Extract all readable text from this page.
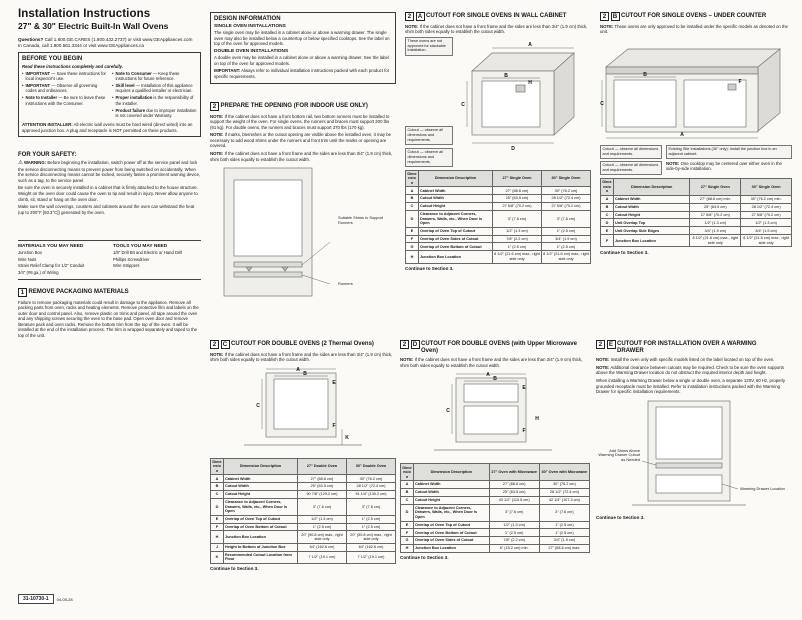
Installation Instructions
27" & 30" Electric Built-In Wall Ovens
Questions? Call 1.800.GE.CARES (1.800.432.2737) or visit www.GEAppliances.com
In Canada, call 1.800.561.3344 or visit www.GEAppliances.ca
BEFORE YOU BEGIN
Read these instructions completely and carefully.
• IMPORTANT — Save these instructions for local inspector's use.
• IMPORTANT — Observe all governing codes and ordinances.
• Note to Installer — Be sure to leave these instructions with the Consumer.
• Note to Consumer — Keep these instructions for future reference.
• Skill level — Installation of this appliance requires a qualified installer or electrician.
• Proper installation is the responsibility of the installer.
• Product failure due to improper installation is not covered under Warranty.
ATTENTION INSTALLER: All electric wall ovens must be hard wired (direct wired) into an approved junction box. A plug and receptacle is NOT permitted on these products.
FOR YOUR SAFETY:
⚠WARNING: Before beginning the installation, switch power off at the service panel and lock the service disconnecting means to prevent power from being switched on accidentally. When the service disconnecting means cannot be locked, securely fasten a prominent warning device, such as a tag, to the service panel.
Be sure the oven is securely installed in a cabinet that is firmly attached to the house structure. Weight on the oven door could cause the oven to tip and result in injury. Never allow anyone to climb, sit, stand or hang on the oven door.
Make sure the wall coverings, counters and cabinets around the oven can withstand the heat (up to 200°F [93.3°C]) generated by the oven.
MATERIALS YOU MAY NEED
Junction Box
Wire Nuts
Strain Relief Clamp for 1/2" Conduit
3/4" (#8 ga.) of Wiring
TOOLS YOU MAY NEED
1/8" Drill Bit and Electric or Hand Drill
Phillips Screwdriver
Wire Strippers
1 REMOVE PACKAGING MATERIALS
Failure to remove packaging materials could result in damage to the appliance. Remove all packing parts from oven, racks and heating elements. Remove protective film and labels on the outer door and control panel. Also, remove plastic on trims and panel, all tape around the oven and any shipping screws securing the oven to the base pad. Open oven door and remove literature pack and oven racks. Remove the bottom trim from the top of the oven. It will be installed at the end of the installation process. The trim is wrapped separately and taped to the top of the unit.
DESIGN INFORMATION
SINGLE OVEN INSTALLATIONS
The single oven may be installed in a cabinet alone or above a warming drawer. The single oven may also be installed below a countertop or below specified cooktops. See the label on top of the oven for approved models.
DOUBLE OVEN INSTALLATIONS
A double oven may be installed in a cabinet alone or above a warming drawer. See the label on top of the oven for approved models.
IMPORTANT: Always refer to individual installation instructions packed with each product for specific requirements.
2 PREPARE THE OPENING (FOR INDOOR USE ONLY)

NOTE: If the cabinet does not have a front bottom rail, two bottom runners must be installed to support the weight of the oven. For single ovens, the runners and braces must support 200 lbs (91 kg). For double ovens, the runners and braces must support 370 lbs (170 kg).

NOTE: If marks, blemishes or the cutout opening are visible above the installed oven, it may be necessary to add wood shims under the runners and front trim until the marks or opening are covered.

NOTE: If the cabinet does not have a front frame and the sides are less than 3/4" (1.9 cm) thick, shim both sides equally to establish the cutout width.

Suitable Shims to Support Runners
Runners
2	A CUTOUT FOR SINGLE OVENS IN WALL CABINET

NOTE: If the cabinet does not have a front frame and the sides are less than 3/4" (1.9 cm) thick, shim both sides equally to establish the cutout width.

These ovens are not approved for stackable installation.
Cutout — observe all dimensions and requirements.
Cutout — observe all dimensions and requirements.
A
B
C
D
H
Dimension	Dimension Description	27" Single Oven	30" Single Oven
A	Cabinet Width	27" (68.6 cm)	30" (76.2 cm)
B	Cutout Width	25" (63.5 cm)	28 1/2" (72.4 cm)
C	Cutout Height	27 5/8" (70.2 cm)	27 5/8" (70.2 cm)
D	Clearance to Adjacent Corners, Drawers, Walls, etc., When Door Is Open	3" (7.6 cm)	3" (7.6 cm)
E	Overlap of Oven Top of Cutout	1/2" (1.3 cm)	1" (2.5 cm)
F	Overlap of Oven Sides of Cutout	7/8" (2.2 cm)	3/4" (1.9 cm)
G	Overlap of Oven Bottom of Cutout	1" (2.5 cm)	1" (2.5 cm)
H	Junction Box Location	8 1/2" (21.6 cm) max., right side only	8 1/2" (21.6 cm) max., right side only
Continue to Section 3.
2	B CUTOUT FOR SINGLE OVENS – UNDER COUNTER

NOTE: These ovens are only approved to be installed under the specific models as denoted on the unit.

B
C
A
F
Cutout — observe all dimensions and requirements.
Cutout — observe all dimensions and requirements.
Existing Site Installations (30" only): Install the junction box in an adjacent cabinet.

NOTE: One cooktop may be centered over either oven in the side-by-side installation.

Dimension	Dimension Description	27" Single Oven	30" Single Oven
A	Cabinet Width	27" (68.6 cm) min.	30" (76.2 cm) min.
B	Cutout Width	25" (63.5 cm)	28 1/2" (72.4 cm)
C	Cutout Height	27 5/8" (70.2 cm)	27 5/8" (70.2 cm)
D	Unit Overlap Top	1/2" (1.3 cm)	1/2" (1.3 cm)
E	Unit Overlap Side Edges	3/4" (1.9 cm)	3/4" (1.9 cm)
F	Junction Box Location	8 1/2" (21.6 cm) max., right side only	8 1/2" (21.6 cm) max., right side only
Continue to Section 3.
2	C CUTOUT FOR DOUBLE OVENS (2 Thermal Ovens)

NOTE: If the cabinet does not have a front frame and the sides are less than 3/4" (1.9 cm) thick, shim both sides equally to establish the cutout width.

A
B
C
E
F
K
Dimension	Dimension Description	27" Double Oven	30" Double Oven
A	Cabinet Width	27" (68.6 cm)	30" (76.2 cm)
B	Cutout Width	25" (63.5 cm)	28 1/2" (72.4 cm)
C	Cutout Height	50 7/8" (129.2 cm)	51 1/4" (130.2 cm)
D	Clearance to Adjacent Corners, Drawers, Walls, etc., When Door Is Open	3" (7.6 cm)	3" (7.6 cm)
E	Overlap of Oven Top of Cutout	1/2" (1.3 cm)	1" (2.5 cm)
F	Overlap of Oven Bottom of Cutout	1" (2.5 cm)	1" (2.5 cm)
H	Junction Box Location	20" (50.8 cm) max., right side only	20" (50.8 cm) max., right side only
J	Height to Bottom of Junction Box	64" (162.6 cm)	64" (162.6 cm)
K	Recommended Cutout Location from Floor	7 1/2" (19.1 cm)	7 1/2" (19.1 cm)
Continue to Section 3.
2	D CUTOUT FOR DOUBLE OVENS (with Upper Microwave Oven)

NOTE: If the cabinet does not have a front frame and the sides are less than 3/4" (1.9 cm) thick, shim both sides equally to establish the cutout width.

A
B
C
E
F
H
Dimension	Dimension Description	27" Oven with Microwave	30" Oven with Microwave
A	Cabinet Width	27" (68.6 cm)	30" (76.2 cm)
B	Cutout Width	25" (63.5 cm)	28 1/2" (72.4 cm)
C	Cutout Height	43 1/2" (110.5 cm)	42 1/4" (107.3 cm)
D	Clearance to Adjacent Corners, Drawers, Walls, etc., When Door Is Open	3" (7.6 cm)	3" (7.6 cm)
E	Overlap of Oven Top of Cutout	1/2" (1.3 cm)	1" (2.5 cm)
F	Overlap of Oven Bottom of Cutout	1" (2.5 cm)	1" (2.5 cm)
G	Overlap of Oven Sides of Cutout	7/8" (2.2 cm)	3/4" (1.9 cm)
H	Junction Box Location	6" (15.2 cm) min.	27" (68.6 cm) max.
Continue to Section 3.
2	E CUTOUT FOR INSTALLATION OVER A WARMING DRAWER

NOTE: Install the oven only with specific models listed on the label located on top of the oven.

NOTE: Additional clearance between cutouts may be required. Check to be sure the oven supports above the Warming Drawer location do not obstruct the required interior depth and height.

When installing a Warming Drawer below a single or double oven, a separate 120V, 60 Hz, properly grounded receptacle must be installed. Refer to installation instructions packed with the Warming Drawer for specific installation requirements.

Add Shims Above Warming Drawer Cutout as Needed
Warming Drawer Location
Continue to Section 3.
31-10730-1	04-05-28
